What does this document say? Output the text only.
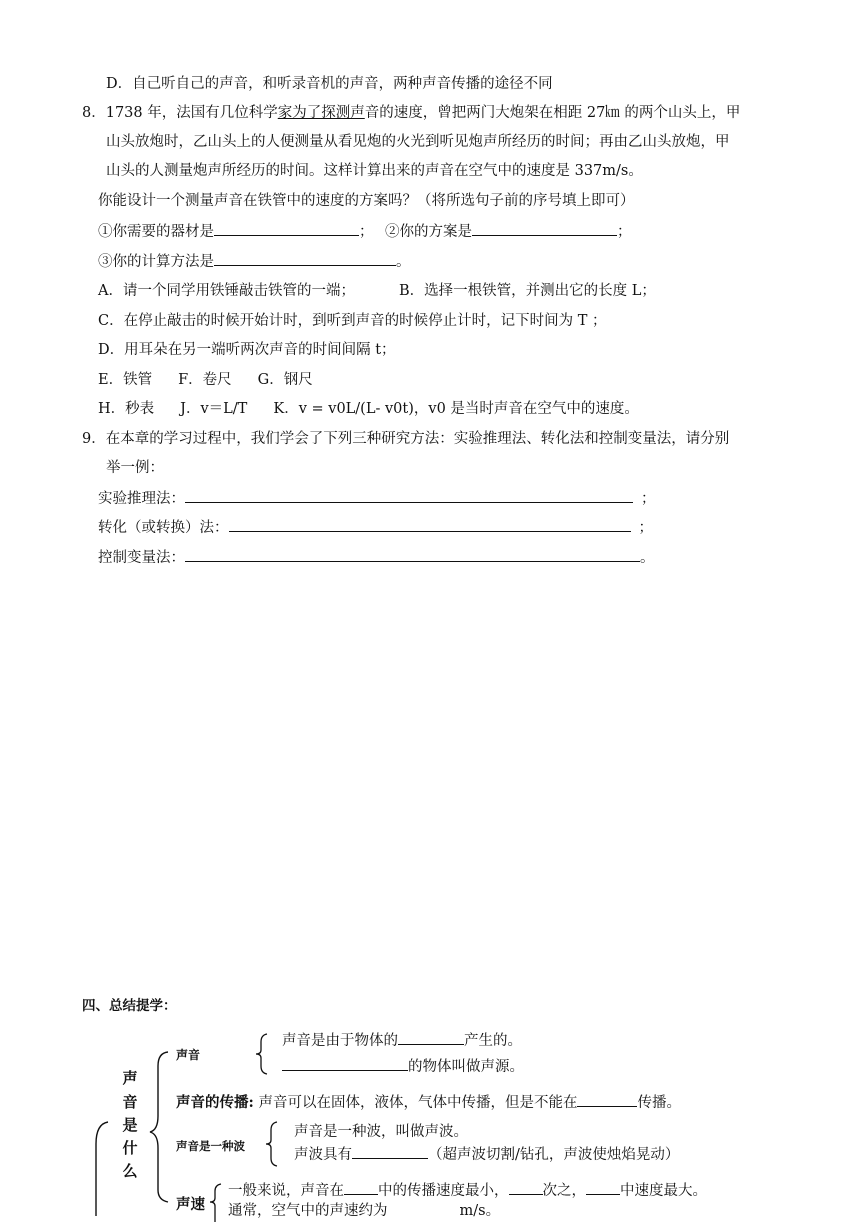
D．自己听自己的声音，和听录音机的声音，两种声音传播的途径不同
8．1738 年，法国有几位科学家为了探测声音的速度，曾把两门大炮架在相距 27㎞ 的两个山头上，甲
山头放炮时，乙山头上的人便测量从看见炮的火光到听见炮声所经历的时间；再由乙山头放炮，甲
山头的人测量炮声所经历的时间。这样计算出来的声音在空气中的速度是 337m/s。
你能设计一个测量声音在铁管中的速度的方案吗？（将所选句子前的序号填上即可）
①你需要的器材是	； ②你的方案是	；
③你的计算方法是	。
A．请一个同学用铁锤敲击铁管的一端；	B．选择一根铁管，并测出它的长度 L；
C．在停止敲击的时候开始计时，到听到声音的时候停止计时，记下时间为 T ；
D．用耳朵在另一端听两次声音的时间间隔 t；
E．铁管 F．卷尺 G．钢尺
H．秒表 J．v＝L/T K．v = v0L/(L- v0t)，v0 是当时声音在空气中的速度。
9．在本章的学习过程中，我们学会了下列三种研究方法：实验推理法、转化法和控制变量法，请分别
举一例：
实验推理法：	；
转化（或转换）法：	；
控制变量法：	。
四、总结提学：
声
音
是
什
么
声音
声音是由于物体的	产生的。
的物体叫做声源。
声音的传播: 声音可以在固体，液体，气体中传播，但是不能在	传播。
声音是一种波
声音是一种波，叫做声波。
声波具有	（超声波切割/钻孔，声波使烛焰晃动）
声速
一般来说，声音在 中的传播速度最小， 次之， 中速度最大。
通常，空气中的声速约为	m/s。
